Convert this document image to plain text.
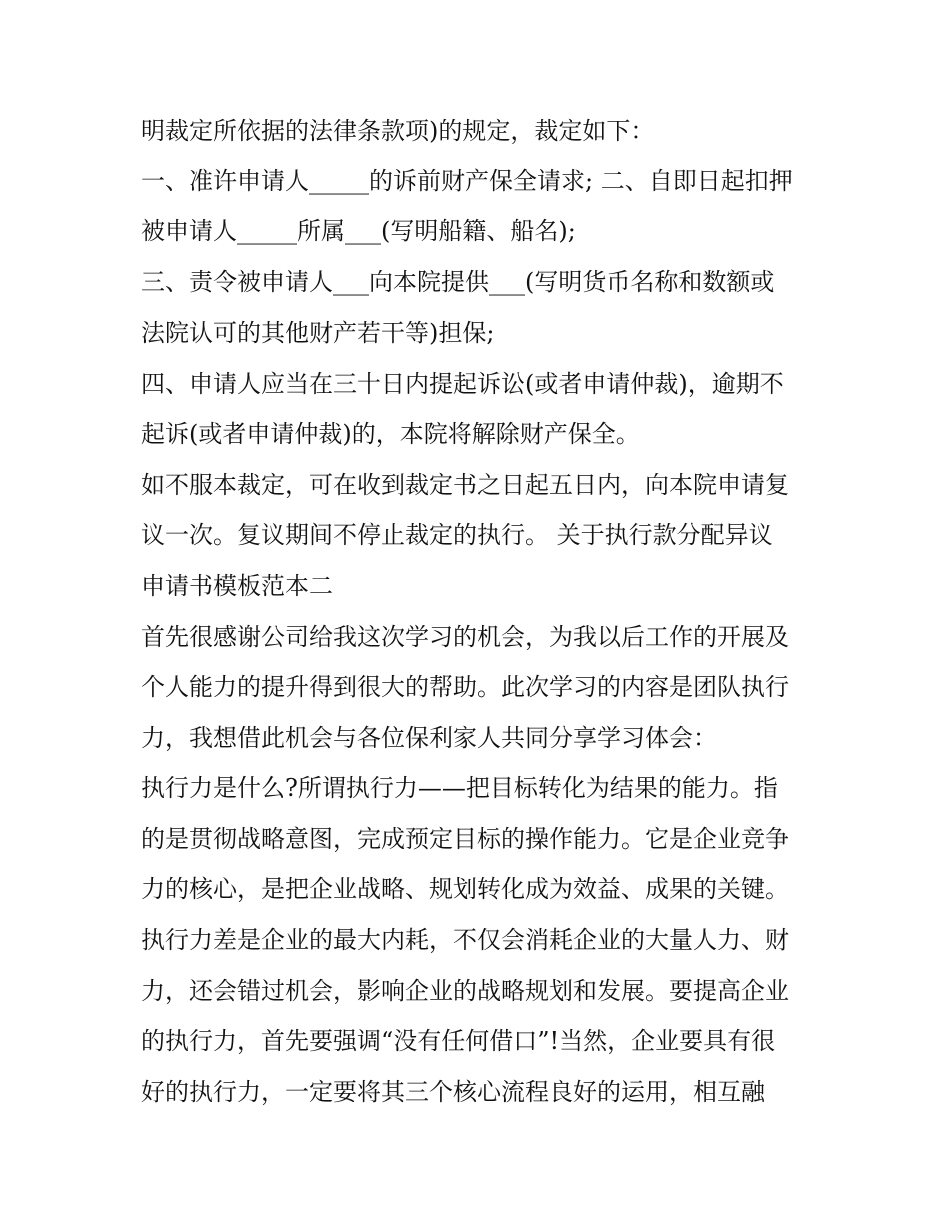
明裁定所依据的法律条款项)的规定，裁定如下：

一、准许申请人_____的诉前财产保全请求; 二、自即日起扣押

被申请人_____所属___(写明船籍、船名);

三、责令被申请人___向本院提供___(写明货币名称和数额或

法院认可的其他财产若干等)担保;

四、申请人应当在三十日内提起诉讼(或者申请仲裁)，逾期不

起诉(或者申请仲裁)的，本院将解除财产保全。

如不服本裁定，可在收到裁定书之日起五日内，向本院申请复

议一次。复议期间不停止裁定的执行。 关于执行款分配异议

申请书模板范本二

首先很感谢公司给我这次学习的机会，为我以后工作的开展及

个人能力的提升得到很大的帮助。此次学习的内容是团队执行

力，我想借此机会与各位保利家人共同分享学习体会：

执行力是什么?所谓执行力——把目标转化为结果的能力。指

的是贯彻战略意图，完成预定目标的操作能力。它是企业竞争

力的核心，是把企业战略、规划转化成为效益、成果的关键。

执行力差是企业的最大内耗，不仅会消耗企业的大量人力、财

力，还会错过机会，影响企业的战略规划和发展。要提高企业

的执行力，首先要强调“没有任何借口”!当然，企业要具有很

好的执行力，一定要将其三个核心流程良好的运用，相互融
